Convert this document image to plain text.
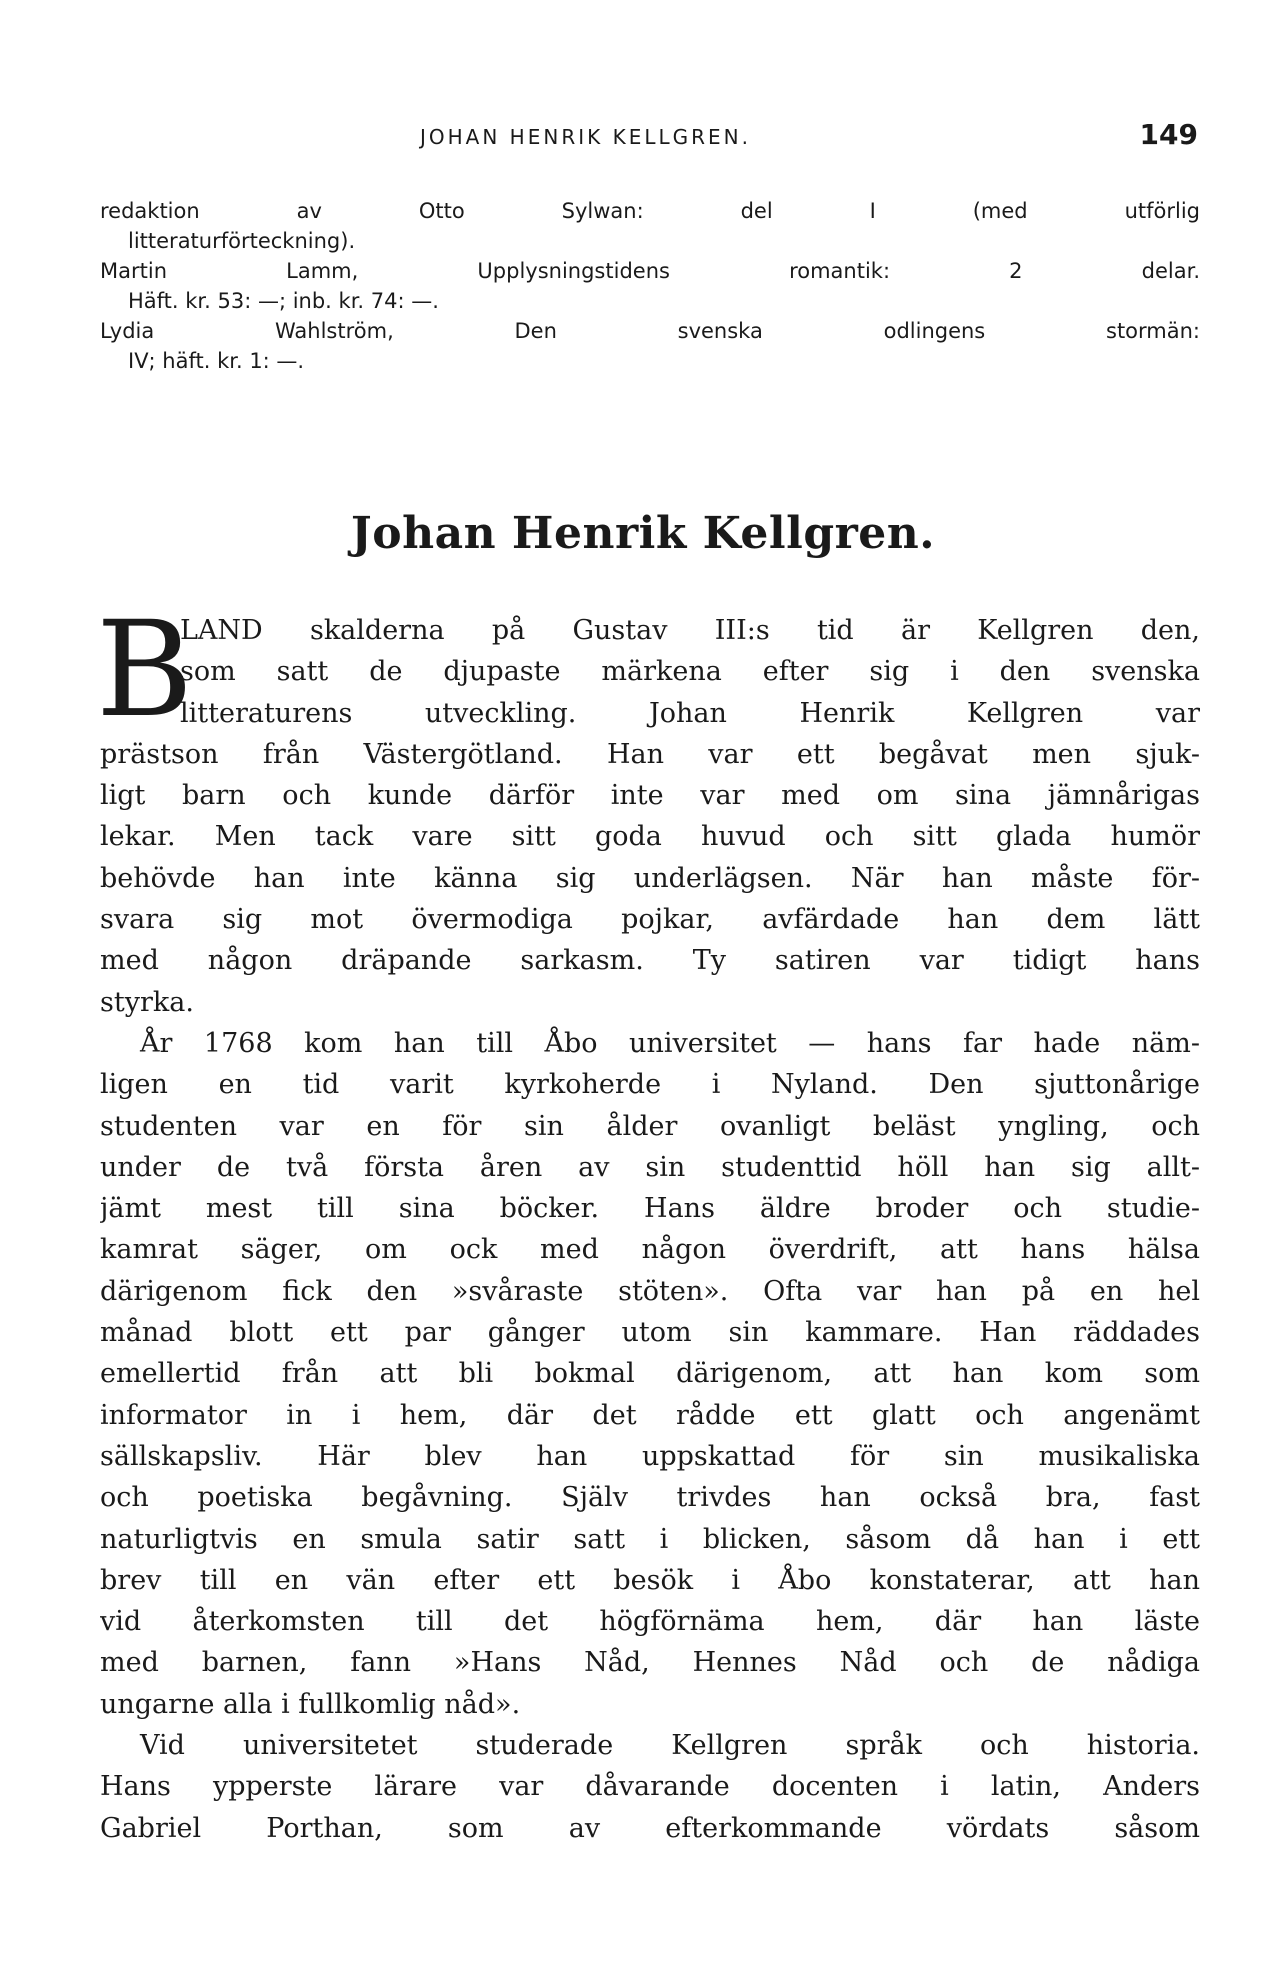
JOHAN HENRIK KELLGREN.	149
redaktion av Otto Sylwan: del I (med utförlig
litteraturförteckning).
Martin Lamm, Upplysningstidens romantik: 2 delar.
Häft. kr. 53: —; inb. kr. 74: —.
Lydia Wahlström, Den svenska odlingens stormän:
IV; häft. kr. 1: —.
Johan Henrik Kellgren.
B
LAND skalderna på Gustav III:s tid är Kellgren den,
som satt de djupaste märkena efter sig i den svenska
litteraturens utveckling. Johan Henrik Kellgren var
prästson från Västergötland. Han var ett begåvat men sjuk-
ligt barn och kunde därför inte var med om sina jämnårigas
lekar. Men tack vare sitt goda huvud och sitt glada humör
behövde han inte känna sig underlägsen. När han måste för-
svara sig mot övermodiga pojkar, avfärdade han dem lätt
med någon dräpande sarkasm. Ty satiren var tidigt hans
styrka.
År 1768 kom han till Åbo universitet — hans far hade näm-
ligen en tid varit kyrkoherde i Nyland. Den sjuttonårige
studenten var en för sin ålder ovanligt beläst yngling, och
under de två första åren av sin studenttid höll han sig allt-
jämt mest till sina böcker. Hans äldre broder och studie-
kamrat säger, om ock med någon överdrift, att hans hälsa
därigenom fick den »svåraste stöten». Ofta var han på en hel
månad blott ett par gånger utom sin kammare. Han räddades
emellertid från att bli bokmal därigenom, att han kom som
informator in i hem, där det rådde ett glatt och angenämt
sällskapsliv. Här blev han uppskattad för sin musikaliska
och poetiska begåvning. Själv trivdes han också bra, fast
naturligtvis en smula satir satt i blicken, såsom då han i ett
brev till en vän efter ett besök i Åbo konstaterar, att han
vid återkomsten till det högförnäma hem, där han läste
med barnen, fann »Hans Nåd, Hennes Nåd och de nådiga
ungarne alla i fullkomlig nåd».
Vid universitetet studerade Kellgren språk och historia.
Hans ypperste lärare var dåvarande docenten i latin, Anders
Gabriel Porthan, som av efterkommande vördats såsom
